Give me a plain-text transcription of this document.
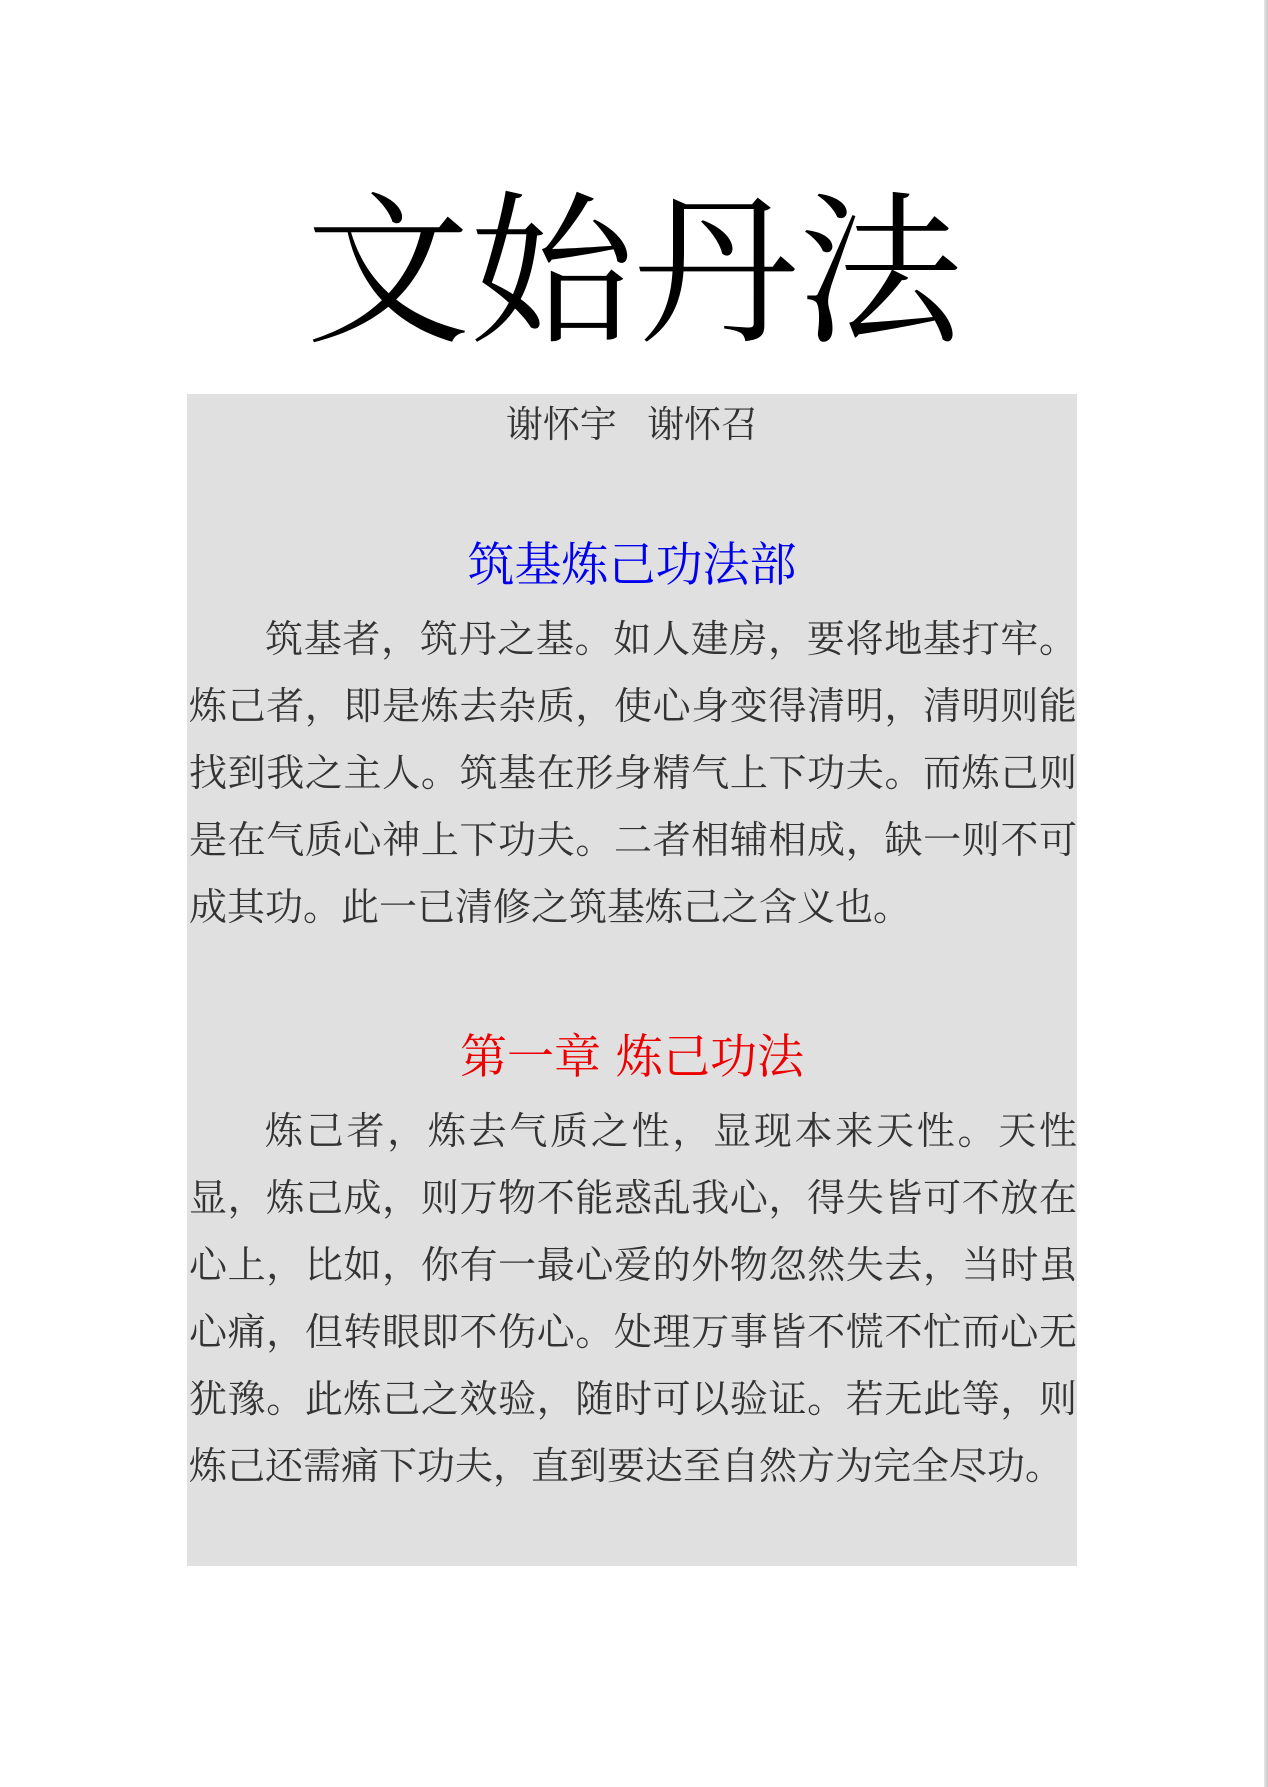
文始丹法
谢怀宇 谢怀召
筑基炼己功法部

筑基者，筑丹之基。如人建房，要将地基打牢。炼己者，即是炼去杂质，使心身变得清明，清明则能找到我之主人。筑基在形身精气上下功夫。而炼己则是在气质心神上下功夫。二者相辅相成，缺一则不可成其功。此一已清修之筑基炼己之含义也。

第一章 炼己功法

炼己者，炼去气质之性，显现本来天性。天性显，炼己成，则万物不能惑乱我心，得失皆可不放在心上，比如，你有一最心爱的外物忽然失去，当时虽心痛，但转眼即不伤心。处理万事皆不慌不忙而心无犹豫。此炼己之效验，随时可以验证。若无此等，则炼己还需痛下功夫，直到要达至自然方为完全尽功。
